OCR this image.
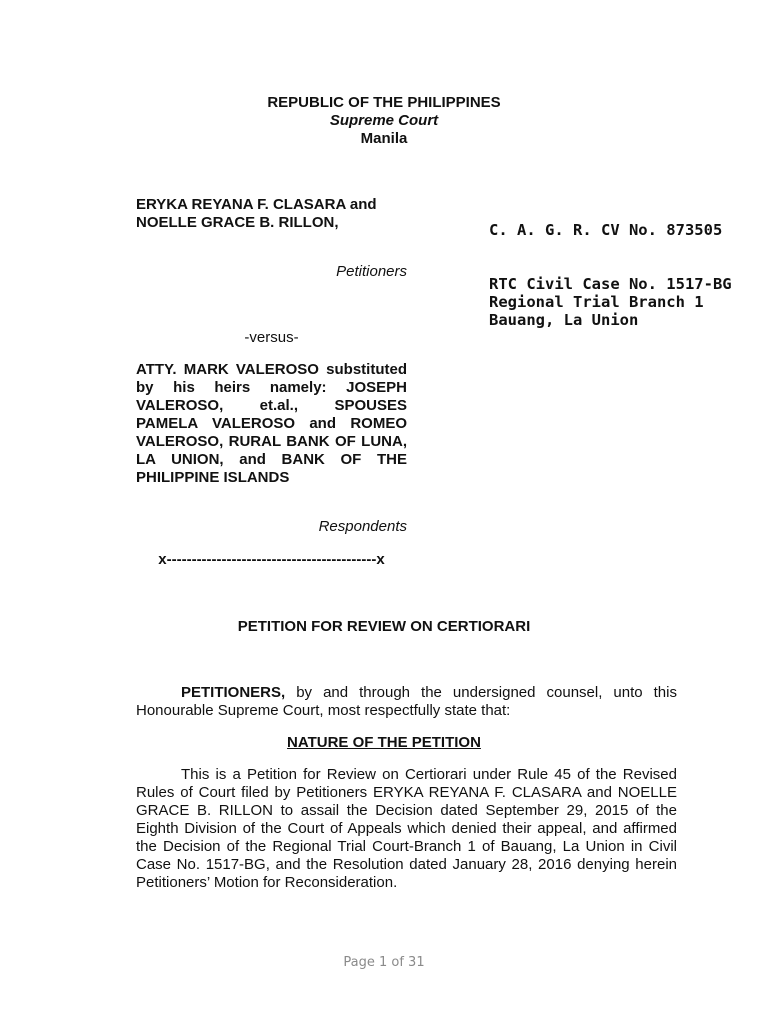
REPUBLIC OF THE PHILIPPINES
Supreme Court
Manila
ERYKA REYANA F. CLASARA and NOELLE GRACE B. RILLON,
Petitioners
-versus-
ATTY. MARK VALEROSO substituted by his heirs namely: JOSEPH VALEROSO, et.al., SPOUSES PAMELA VALEROSO and ROMEO VALEROSO, RURAL BANK OF LUNA, LA UNION, and BANK OF THE PHILIPPINE ISLANDS
Respondents
x------------------------------------------x
C. A. G. R. CV No. 873505
RTC Civil Case No. 1517-BG
Regional Trial Branch 1
Bauang, La Union
PETITION FOR REVIEW ON CERTIORARI
PETITIONERS, by and through the undersigned counsel, unto this Honourable Supreme Court, most respectfully state that:
NATURE OF THE PETITION
This is a Petition for Review on Certiorari under Rule 45 of the Revised Rules of Court filed by Petitioners ERYKA REYANA F. CLASARA and NOELLE GRACE B. RILLON to assail the Decision dated September 29, 2015 of the Eighth Division of the Court of Appeals which denied their appeal, and affirmed the Decision of the Regional Trial Court-Branch 1 of Bauang, La Union in Civil Case No. 1517-BG, and the Resolution dated January 28, 2016 denying herein Petitioners’ Motion for Reconsideration.
Page 1 of 31
